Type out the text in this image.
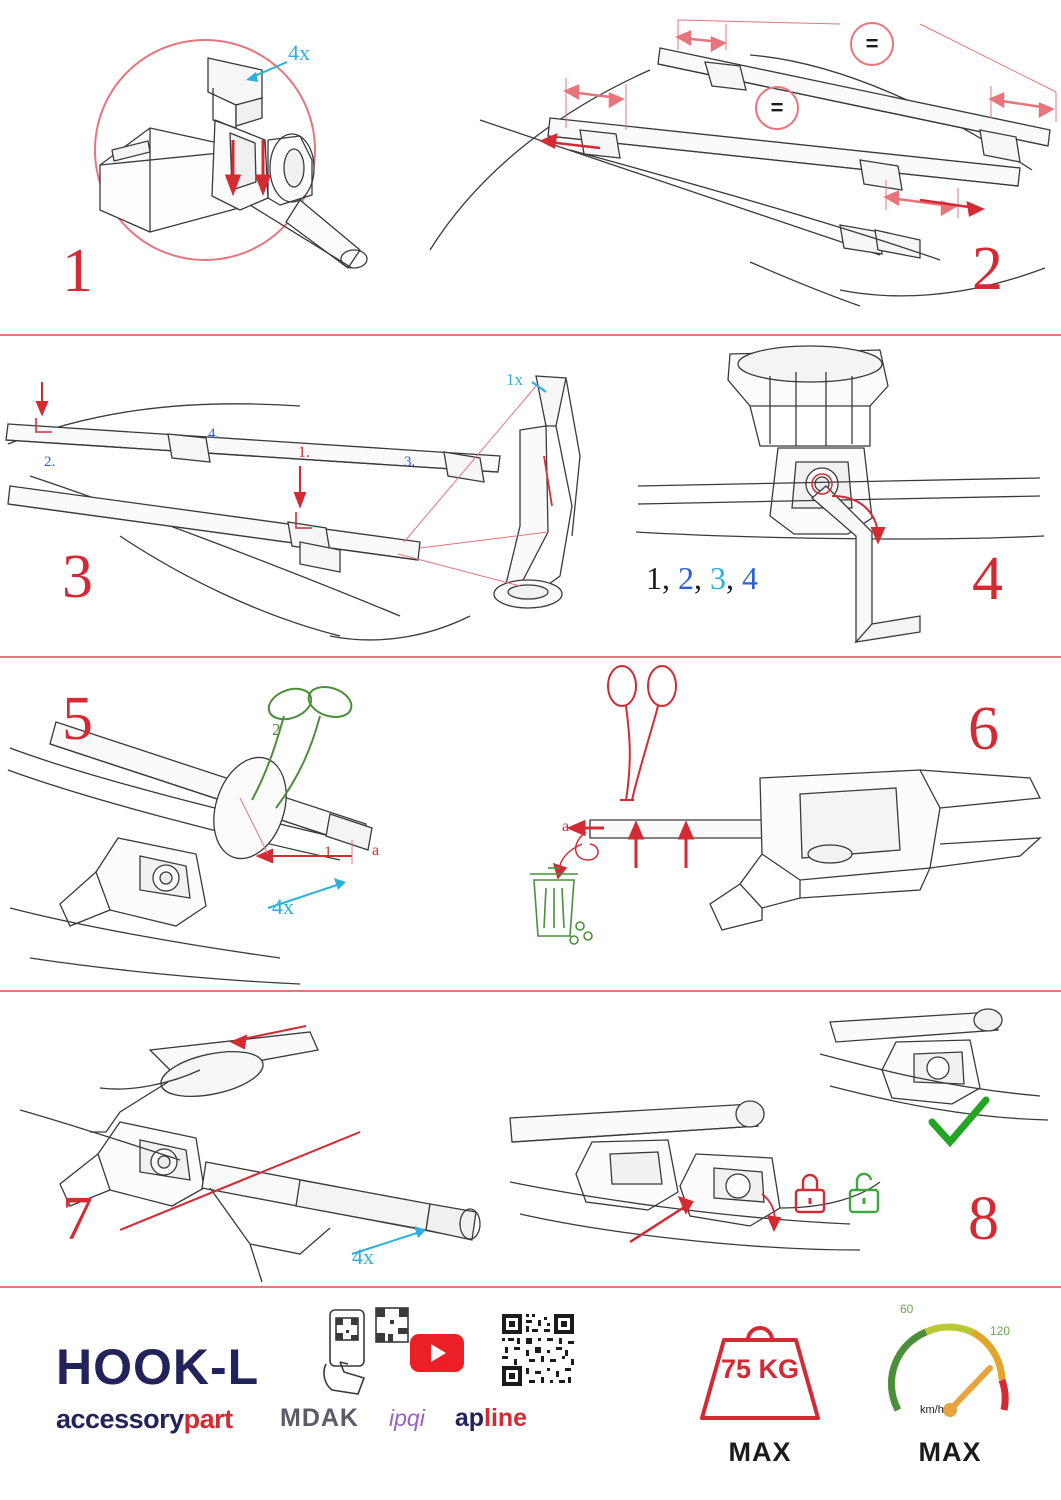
4x
1
=
=
2
2.	3.
4.
1.
1x
3	1, 2, 3, 4	4
5	2
1	a
4x
a
6
4x
7	8
HOOK-L
accessorypart MDAK ipqi apline
75 KG
MAX
60
120
km/h
MAX
